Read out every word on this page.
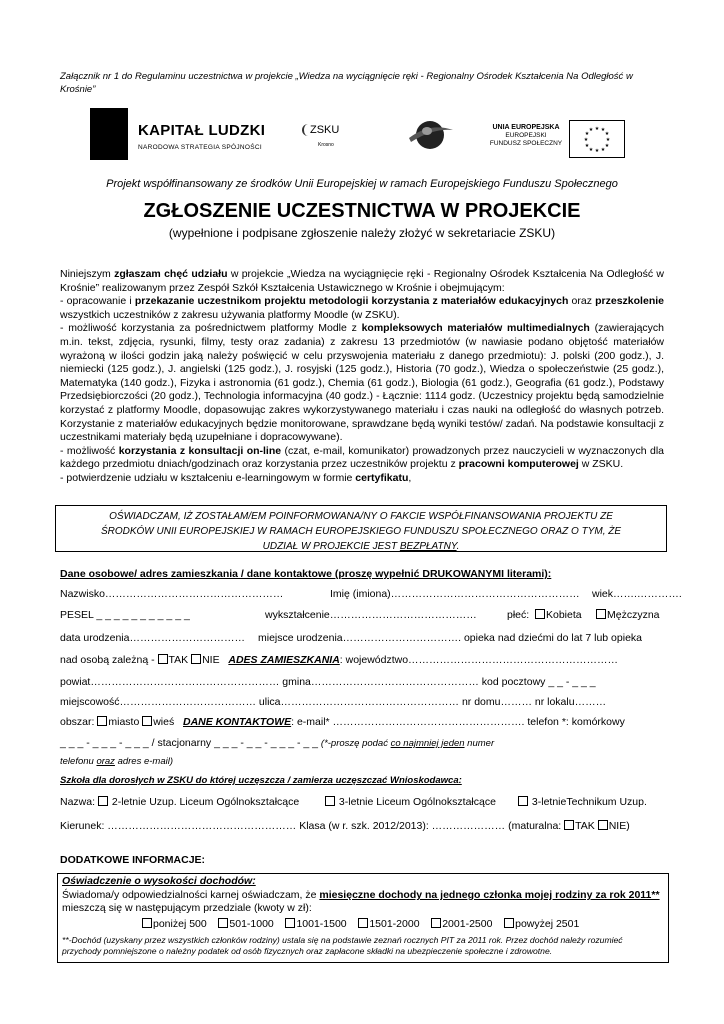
Załącznik nr 1 do Regulaminu uczestnictwa w projekcie „Wiedza na wyciągnięcie ręki - Regionalny Ośrodek Kształcenia Na Odległość w Krośnie”
KAPITAŁ LUDZKI
NARODOWA STRATEGIA SPÓJNOŚCI
ZSKU
Krosno
UNIA EUROPEJSKA
EUROPEJSKI
FUNDUSZ SPOŁECZNY
★ ★
★
★
★
★
★
★
★
★
★
★
Projekt współfinansowany ze środków Unii Europejskiej w ramach Europejskiego Funduszu Społecznego
ZGŁOSZENIE UCZESTNICTWA W PROJEKCIE
(wypełnione i podpisane zgłoszenie należy złożyć w sekretariacie ZSKU)

Niniejszym zgłaszam chęć udziału w projekcie „Wiedza na wyciągnięcie ręki - Regionalny Ośrodek Kształcenia Na Odległość w Krośnie” realizowanym przez Zespół Szkół Kształcenia Ustawicznego w Krośnie i obejmującym:

- opracowanie i przekazanie uczestnikom projektu metodologii korzystania z materiałów edukacyjnych oraz przeszkolenie wszystkich uczestników z zakresu używania platformy Moodle (w ZSKU).

- możliwość korzystania za pośrednictwem platformy Modle z kompleksowych materiałów multimedialnych (zawierających m.in. tekst, zdjęcia, rysunki, filmy, testy oraz zadania) z zakresu 13 przedmiotów (w nawiasie podano objętość materiałów wyrażoną w ilości godzin jaką należy poświęcić w celu przyswojenia materiału z danego przedmiotu): J. polski (200 godz.), J. niemiecki (125 godz.), J. angielski (125 godz.), J. rosyjski (125 godz.), Historia (70 godz.), Wiedza o społeczeństwie (25 godz.), Matematyka (140 godz.), Fizyka i astronomia (61 godz.), Chemia (61 godz.), Biologia (61 godz.), Geografia (61 godz.), Podstawy Przedsiębiorczości (20 godz.), Technologia informacyjna (40 godz.) - Łącznie: 1114 godz. (Uczestnicy projektu będą samodzielnie korzystać z platformy Moodle, dopasowując zakres wykorzystywanego materiału i czas nauki na odległość do własnych potrzeb. Korzystanie z materiałów edukacyjnych będzie monitorowane, sprawdzane będą wyniki testów/ zadań. Na podstawie konsultacji z uczestnikami materiały będą uzupełniane i dopracowywane).

- możliwość korzystania z konsultacji on-line (czat, e-mail, komunikator) prowadzonych przez nauczycieli w wyznaczonych dla każdego przedmiotu dniach/godzinach oraz korzystania przez uczestników projektu z pracowni komputerowej w ZSKU.

- potwierdzenie udziału w kształceniu e-learningowym w formie certyfikatu,

OŚWIADCZAM, IŻ ZOSTAŁAM/EM POINFORMOWANA/NY O FAKCIE WSPÓŁFINANSOWANIA PROJEKTU ZE
ŚRODKÓW UNII EUROPEJSKIEJ W RAMACH EUROPEJSKIEGO FUNDUSZU SPOŁECZNEGO ORAZ O TYM, ŻE
UDZIAŁ W PROJEKCIE JEST BEZPŁATNY.
Dane osobowe/ adres zamieszkania / dane kontaktowe (proszę wypełnić DRUKOWANYMI literami):
Nazwisko……………………………………………	Imię (imiona)……………………………………………… wiek…….………….
PESEL _ _ _ _ _ _ _ _ _ _ _	wykształcenie……………………………………	płeć:	Kobieta	Mężczyzna
data urodzenia…………………………… miejsce urodzenia……………………………. opieka nad dziećmi do lat 7 lub opieka
nad osobą zależną - TAK NIE ADES ZAMIESZKANIA: województwo……………………………………………………
powiat……………………………………………… gmina………………………………………… kod pocztowy _ _ - _ _ _
miejscowość………………………………… ulica…………………………………………… nr domu……… nr lokalu………
obszar: miasto wieś DANE KONTAKTOWE: e-mail* ………………………………………………. telefon *: komórkowy
_ _ _ - _ _ _ - _ _ _ / stacjonarny _ _ _ - _ _ - _ _ _ - _ _ (*-proszę podać co najmniej jeden numer
telefonu oraz adres e-mail)
Szkoła dla dorosłych w ZSKU do której uczęszcza / zamierza uczęszczać Wnioskodawca:
Nazwa: 2-letnie Uzup. Liceum Ogólnokształcące	3-letnie Liceum Ogólnokształcące	3-letnieTechnikum Uzup.
Kierunek: ……………………………………………… Klasa (w r. szk. 2012/2013): ………………… (maturalna: TAK NIE)
DODATKOWE INFORMACJE:
Oświadczenie o wysokości dochodów:
Świadoma/y odpowiedzialności karnej oświadczam, że miesięczne dochody na jednego członka mojej rodziny za rok 2011** mieszczą się w następującym przedziale (kwoty w zł):
poniżej 500 501-1000 1001-1500 1501-2000 2001-2500 powyżej 2501
**-Dochód (uzyskany przez wszystkich członków rodziny) ustala się na podstawie zeznań rocznych PIT za 2011 rok. Przez dochód należy rozumieć przychody pomniejszone o należny podatek od osób fizycznych oraz zapłacone składki na ubezpieczenie społeczne i zdrowotne.
